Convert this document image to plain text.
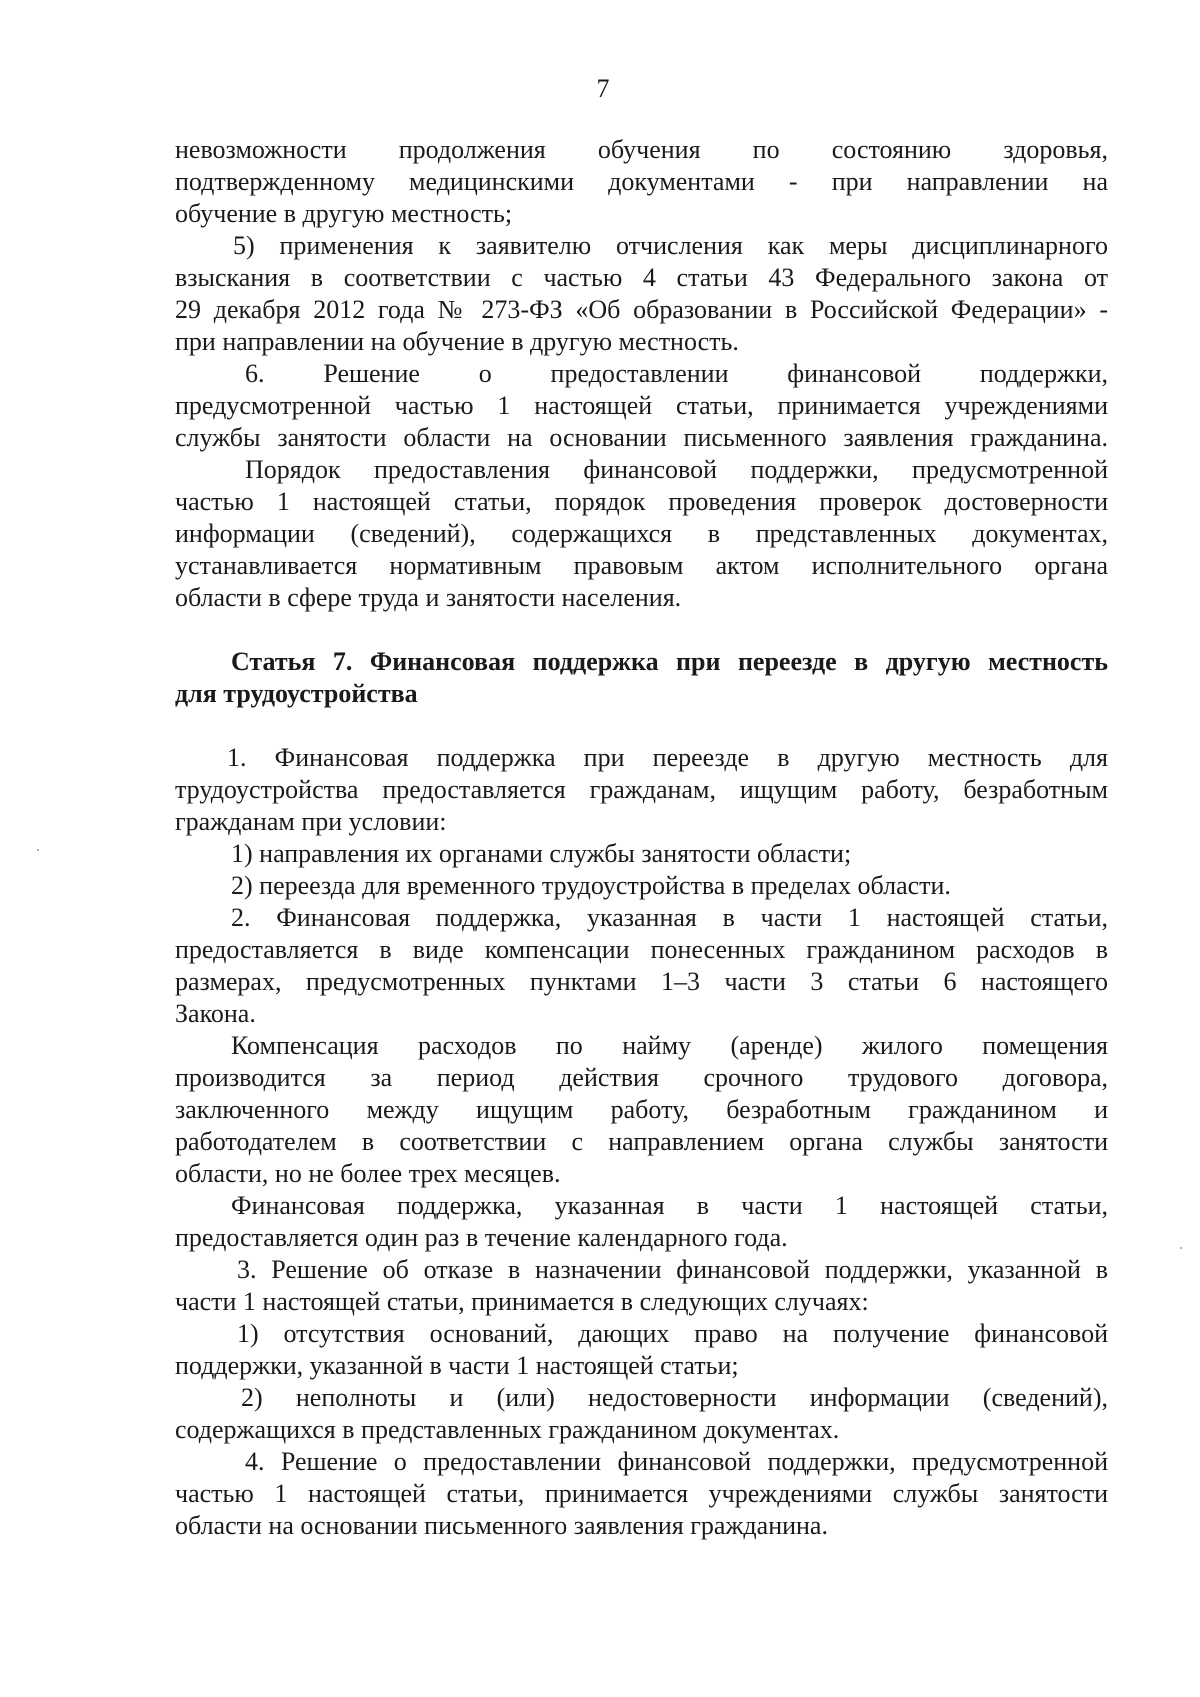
7
невозможности продолжения обучения по состоянию здоровья,
подтвержденному медицинскими документами - при направлении на
обучение в другую местность;
5) применения к заявителю отчисления как меры дисциплинарного
взыскания в соответствии с частью 4 статьи 43 Федерального закона от
29 декабря 2012 года № 273-ФЗ «Об образовании в Российской Федерации» -
при направлении на обучение в другую местность.
6. Решение о предоставлении финансовой поддержки,
предусмотренной частью 1 настоящей статьи, принимается учреждениями
службы занятости области на основании письменного заявления гражданина.
Порядок предоставления финансовой поддержки, предусмотренной
частью 1 настоящей статьи, порядок проведения проверок достоверности
информации (сведений), содержащихся в представленных документах,
устанавливается нормативным правовым актом исполнительного органа
области в сфере труда и занятости населения.
Статья 7. Финансовая поддержка при переезде в другую местность
для трудоустройства
1. Финансовая поддержка при переезде в другую местность для
трудоустройства предоставляется гражданам, ищущим работу, безработным
гражданам при условии:
1) направления их органами службы занятости области;
2) переезда для временного трудоустройства в пределах области.
2. Финансовая поддержка, указанная в части 1 настоящей статьи,
предоставляется в виде компенсации понесенных гражданином расходов в
размерах, предусмотренных пунктами 1–3 части 3 статьи 6 настоящего
Закона.
Компенсация расходов по найму (аренде) жилого помещения
производится за период действия срочного трудового договора,
заключенного между ищущим работу, безработным гражданином и
работодателем в соответствии с направлением органа службы занятости
области, но не более трех месяцев.
Финансовая поддержка, указанная в части 1 настоящей статьи,
предоставляется один раз в течение календарного года.
3. Решение об отказе в назначении финансовой поддержки, указанной в
части 1 настоящей статьи, принимается в следующих случаях:
1) отсутствия оснований, дающих право на получение финансовой
поддержки, указанной в части 1 настоящей статьи;
2) неполноты и (или) недостоверности информации (сведений),
содержащихся в представленных гражданином документах.
4. Решение о предоставлении финансовой поддержки, предусмотренной
частью 1 настоящей статьи, принимается учреждениями службы занятости
области на основании письменного заявления гражданина.
